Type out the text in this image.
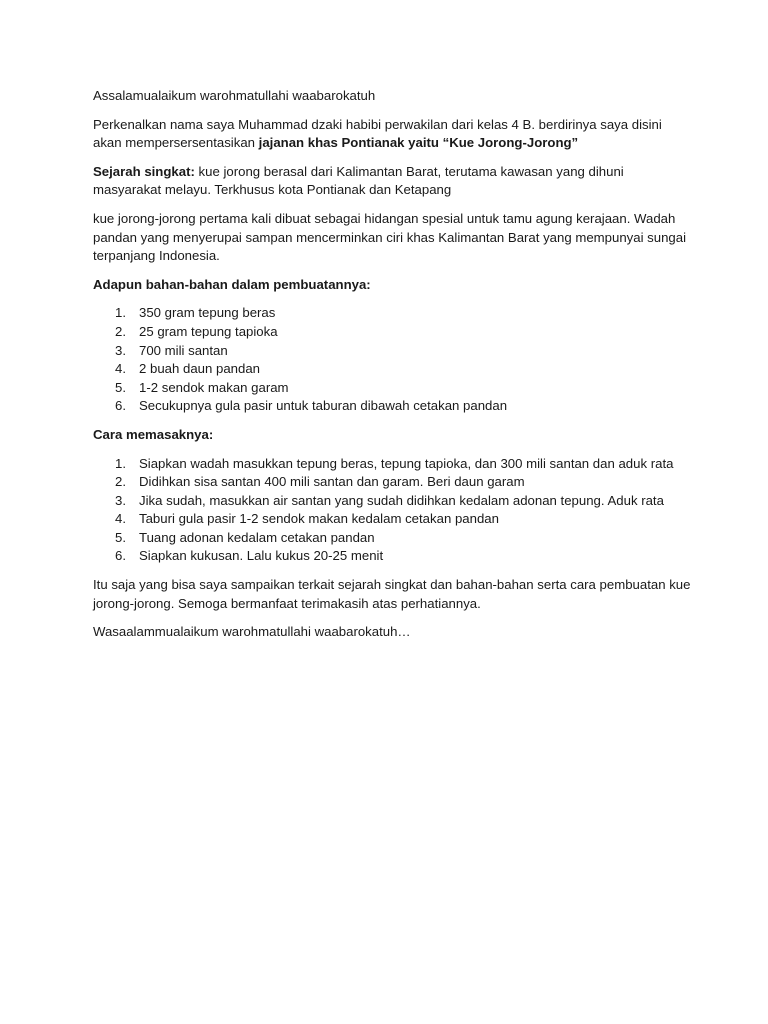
Assalamualaikum warohmatullahi waabarokatuh

Perkenalkan nama saya Muhammad dzaki habibi perwakilan dari kelas 4 B. berdirinya saya disini akan mempersersentasikan jajanan khas Pontianak yaitu “Kue Jorong-Jorong”

Sejarah singkat: kue jorong berasal dari Kalimantan Barat, terutama kawasan yang dihuni masyarakat melayu. Terkhusus kota Pontianak dan Ketapang

kue jorong-jorong pertama kali dibuat sebagai hidangan spesial untuk tamu agung kerajaan. Wadah pandan yang menyerupai sampan mencerminkan ciri khas Kalimantan Barat yang mempunyai sungai terpanjang Indonesia.

Adapun bahan-bahan dalam pembuatannya:

1. 350 gram tepung beras
2. 25 gram tepung tapioka
3. 700 mili santan
4. 2 buah daun pandan
5. 1-2 sendok makan garam
6. Secukupnya gula pasir untuk taburan dibawah cetakan pandan

Cara memasaknya:

1. Siapkan wadah masukkan tepung beras, tepung tapioka, dan 300 mili santan dan aduk rata
2. Didihkan sisa santan 400 mili santan dan garam. Beri daun garam
3. Jika sudah, masukkan air santan yang sudah didihkan kedalam adonan tepung. Aduk rata
4. Taburi gula pasir 1-2 sendok makan kedalam cetakan pandan
5. Tuang adonan kedalam cetakan pandan
6. Siapkan kukusan. Lalu kukus 20-25 menit

Itu saja yang bisa saya sampaikan terkait sejarah singkat dan bahan-bahan serta cara pembuatan kue jorong-jorong. Semoga bermanfaat terimakasih atas perhatiannya.

Wasaalammualaikum warohmatullahi waabarokatuh…
